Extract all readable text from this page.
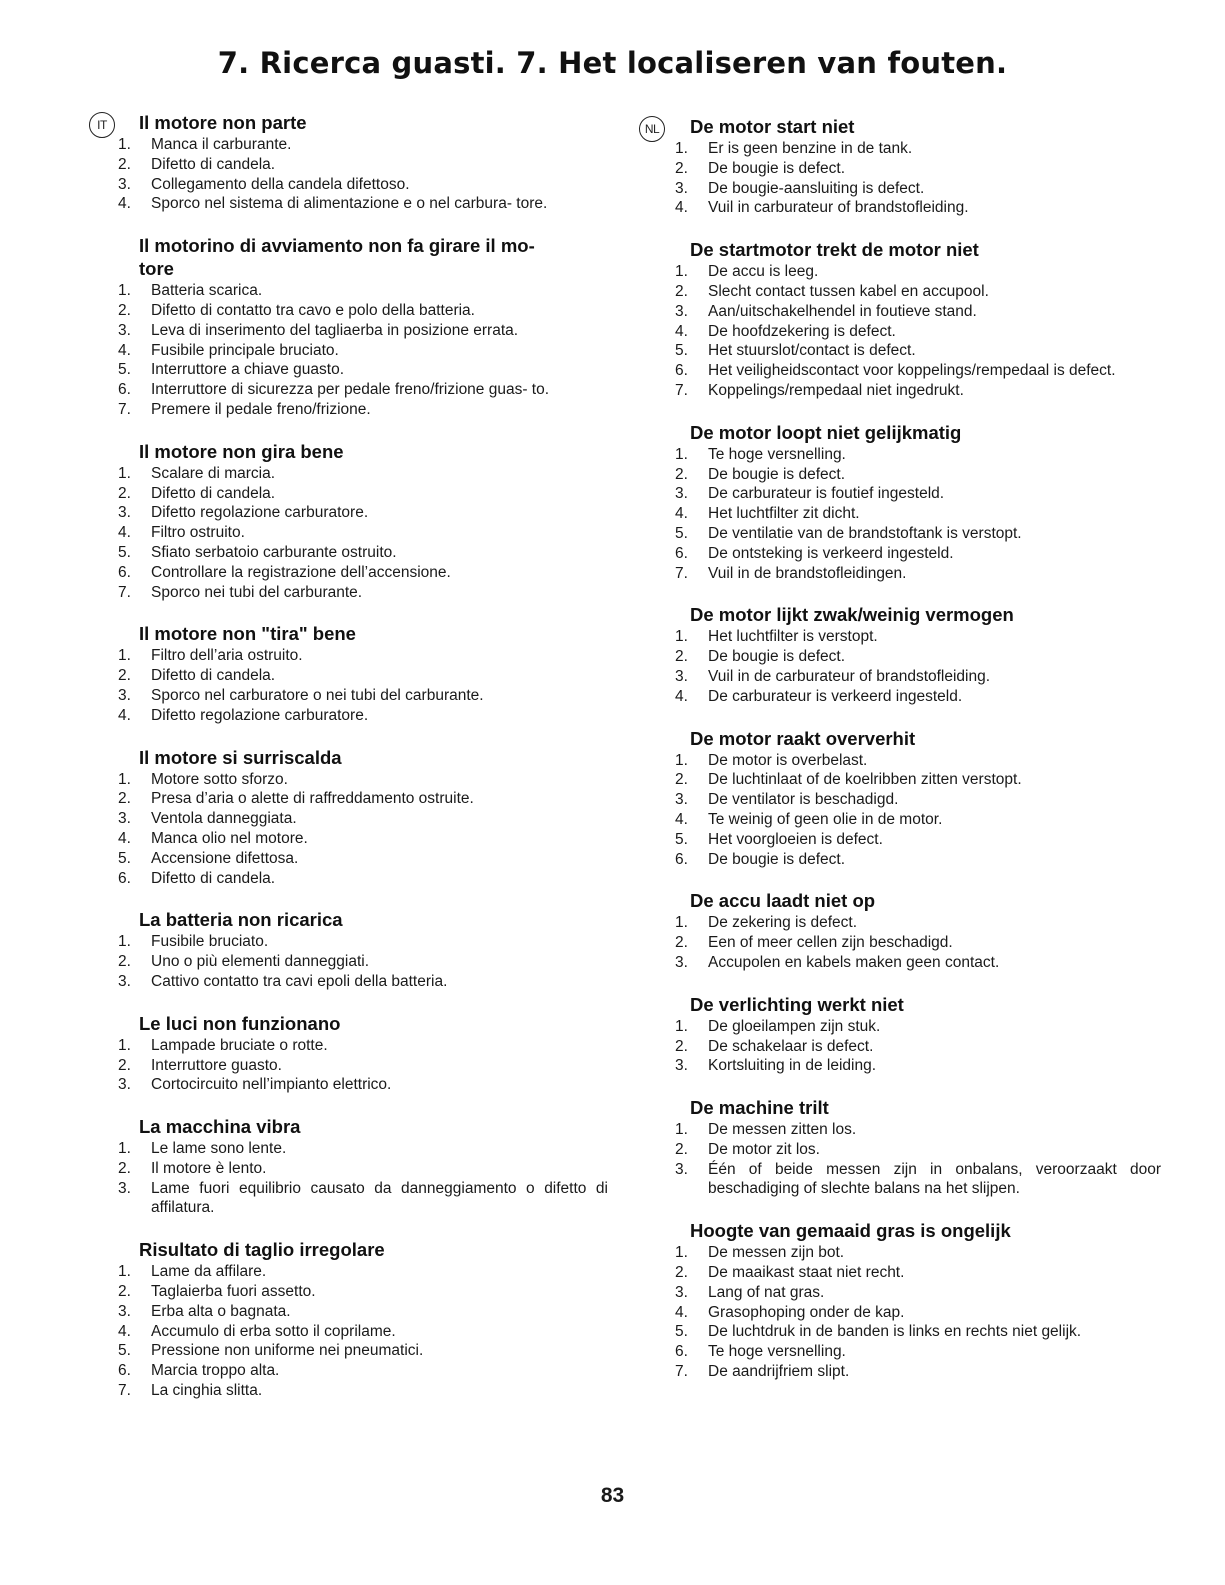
7. Ricerca guasti. 7. Het localiseren van fouten.
IT	Il motore non parte
1.	Manca il carburante.
2.	Difetto di candela.
3.	Collegamento della candela difettoso.
4.	Sporco nel sistema di alimentazione e o nel carbura- tore.
Il motorino di avviamento non fa girare il mo- tore
1.	Batteria scarica.
2.	Difetto di contatto tra cavo e polo della batteria.
3.	Leva di inserimento del tagliaerba in posizione errata.
4.	Fusibile principale bruciato.
5.	Interruttore a chiave guasto.
6.	Interruttore di sicurezza per pedale freno/frizione guas- to.
7.	Premere il pedale freno/frizione.
Il motore non gira bene
1.	Scalare di marcia.
2.	Difetto di candela.
3.	Difetto regolazione carburatore.
4.	Filtro ostruito.
5.	Sfiato serbatoio carburante ostruito.
6.	Controllare la registrazione dell’accensione.
7.	Sporco nei tubi del carburante.
Il motore non "tira" bene
1.	Filtro dell’aria ostruito.
2.	Difetto di candela.
3.	Sporco nel carburatore o nei tubi del carburante.
4.	Difetto regolazione carburatore.
Il motore si surriscalda
1.	Motore sotto sforzo.
2.	Presa d’aria o alette di raffreddamento ostruite.
3.	Ventola danneggiata.
4.	Manca olio nel motore.
5.	Accensione difettosa.
6.	Difetto di candela.
La batteria non ricarica
1.	Fusibile bruciato.
2.	Uno o più elementi danneggiati.
3.	Cattivo contatto tra cavi epoli della batteria.
Le luci non funzionano
1.	Lampade bruciate o rotte.
2.	Interruttore guasto.
3.	Cortocircuito nell’impianto elettrico.
La macchina vibra
1.	Le lame sono lente.
2.	Il motore è lento.
3.	Lame fuori equilibrio causato da danneggiamento o difetto di affilatura.
Risultato di taglio irregolare
1.	Lame da affilare.
2.	Taglaierba fuori assetto.
3.	Erba alta o bagnata.
4.	Accumulo di erba sotto il coprilame.
5.	Pressione non uniforme nei pneumatici.
6.	Marcia troppo alta.
7.	La cinghia slitta.
NL	De motor start niet
1.	Er is geen benzine in de tank.
2.	De bougie is defect.
3.	De bougie-aansluiting is defect.
4.	Vuil in carburateur of brandstofleiding.
De startmotor trekt de motor niet
1.	De accu is leeg.
2.	Slecht contact tussen kabel en accupool.
3.	Aan/uitschakelhendel in foutieve stand.
4.	De hoofdzekering is defect.
5.	Het stuurslot/contact is defect.
6.	Het veiligheidscontact voor koppelings/rempedaal is defect.
7.	Koppelings/rempedaal niet ingedrukt.
De motor loopt niet gelijkmatig
1.	Te hoge versnelling.
2.	De bougie is defect.
3.	De carburateur is foutief ingesteld.
4.	Het luchtfilter zit dicht.
5.	De ventilatie van de brandstoftank is verstopt.
6.	De ontsteking is verkeerd ingesteld.
7.	Vuil in de brandstofleidingen.
De motor lijkt zwak/weinig vermogen
1.	Het luchtfilter is verstopt.
2.	De bougie is defect.
3.	Vuil in de carburateur of brandstofleiding.
4.	De carburateur is verkeerd ingesteld.
De motor raakt oververhit
1.	De motor is overbelast.
2.	De luchtinlaat of de koelribben zitten verstopt.
3.	De ventilator is beschadigd.
4.	Te weinig of geen olie in de motor.
5.	Het voorgloeien is defect.
6.	De bougie is defect.
De accu laadt niet op
1.	De zekering is defect.
2.	Een of meer cellen zijn beschadigd.
3.	Accupolen en kabels maken geen contact.
De verlichting werkt niet
1.	De gloeilampen zijn stuk.
2.	De schakelaar is defect.
3.	Kortsluiting in de leiding.
De machine trilt
1.	De messen zitten los.
2.	De motor zit los.
3.	Één of beide messen zijn in onbalans, veroorzaakt door beschadiging of slechte balans na het slijpen.
Hoogte van gemaaid gras is ongelijk
1.	De messen zijn bot.
2.	De maaikast staat niet recht.
3.	Lang of nat gras.
4.	Grasophoping onder de kap.
5.	De luchtdruk in de banden is links en rechts niet gelijk.
6.	Te hoge versnelling.
7.	De aandrijfriem slipt.
83
